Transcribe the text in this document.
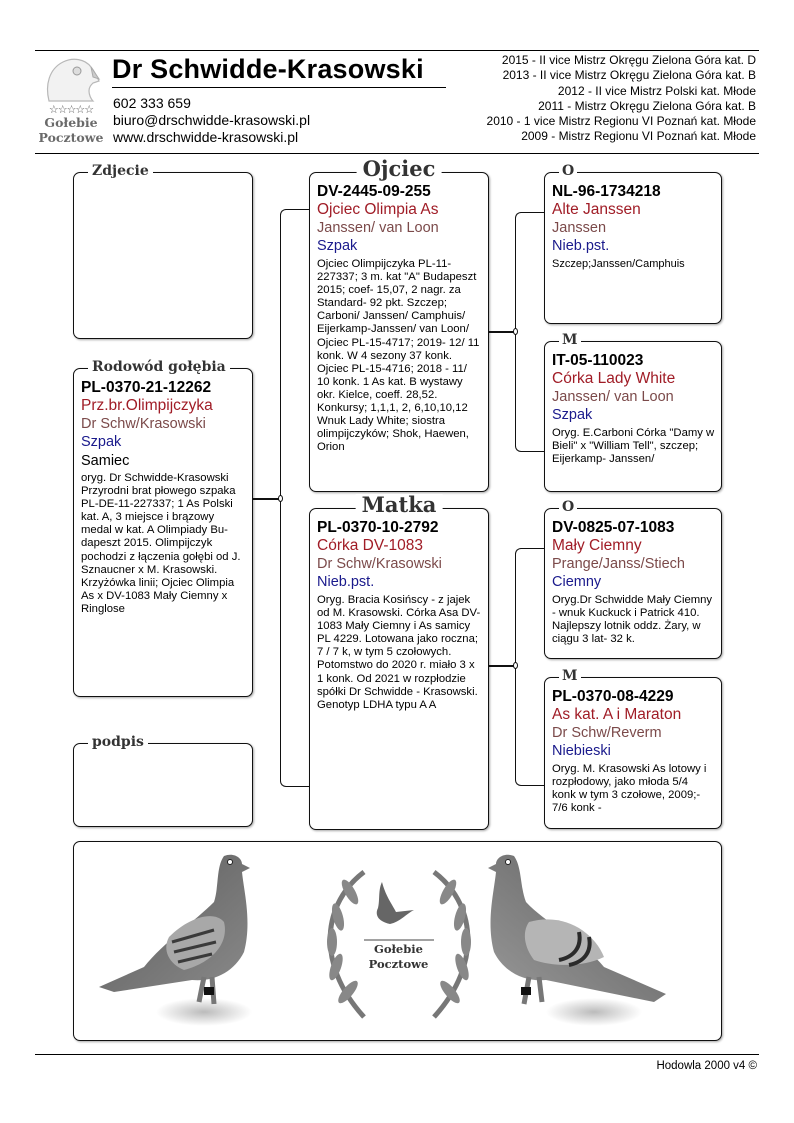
☆☆☆☆☆
Gołebie
Pocztowe
Dr Schwidde-Krasowski
602 333 659
biuro@drschwidde-krasowski.pl
www.drschwidde-krasowski.pl
2015 - II vice Mistrz Okręgu Zielona Góra kat. D
2013 - II vice Mistrz Okręgu Zielona Góra kat. B
2012 - II vice Mistrz Polski kat. Młode
2011 - Mistrz Okręgu Zielona Góra kat. B
2010 - 1 vice Mistrz Regionu VI Poznań kat. Młode
2009 - Mistrz Regionu VI Poznań kat. Młode
Zdjecie
Rodowód gołębia
PL-0370-21-12262
Prz.br.Olimpijczyka
Dr Schw/Krasowski
Szpak
Samiec
oryg. Dr Schwidde-Krasowski Przyrodni brat płowego szpaka PL-DE-11-227337; 1 As Polski kat. A, 3 miejsce i brązowy medal w kat. A Olimpiady Bu-dapeszt 2015. Olimpijczyk pochodzi z łączenia gołębi od J. Sznaucner x M. Krasowski. Krzyżówka linii; Ojciec Olimpia As x DV-1083 Mały Ciemny x Ringlose
podpis
Ojciec
DV-2445-09-255
Ojciec Olimpia As
Janssen/ van Loon
Szpak
Ojciec Olimpijczyka PL-11-227337; 3 m. kat "A" Budapeszt 2015; coef- 15,07, 2 nagr. za Standard- 92 pkt. Szczep; Carboni/ Janssen/ Camphuis/ Eijerkamp-Janssen/ van Loon/ Ojciec PL-15-4717; 2019- 12/ 11 konk. W 4 sezony 37 konk. Ojciec PL-15-4716; 2018 - 11/ 10 konk. 1 As kat. B wystawy okr. Kielce, coeff. 28,52. Konkursy; 1,1,1, 2, 6,10,10,12 Wnuk Lady White; siostra olimpijczyków; Shok, Haewen, Orion
Matka
PL-0370-10-2792
Córka DV-1083
Dr Schw/Krasowski
Nieb.pst.
Oryg. Bracia Kosińscy - z jajek od M. Krasowski. Córka Asa DV-1083 Mały Ciemny i As samicy PL 4229. Lotowana jako roczna; 7 / 7 k, w tym 5 czołowych. Potomstwo do 2020 r. miało 3 x 1 konk. Od 2021 w rozpłodzie spółki Dr Schwidde - Krasowski. Genotyp LDHA typu A A
O
NL-96-1734218
Alte Janssen
Janssen
Nieb.pst.
Szczep;Janssen/Camphuis
M
IT-05-110023
Córka Lady White
Janssen/ van Loon
Szpak
Oryg. E.Carboni Córka "Damy w Bieli" x "William Tell", szczep; Eijerkamp- Janssen/
O
DV-0825-07-1083
Mały Ciemny
Prange/Janss/Stiech
Ciemny
Oryg.Dr Schwidde Mały Ciemny - wnuk Kuckuck i Patrick 410. Najlepszy lotnik oddz. Żary, w ciągu 3 lat- 32 k.
M
PL-0370-08-4229
As kat. A i Maraton
Dr Schw/Reverm
Niebieski
Oryg. M. Krasowski As lotowy i rozpłodowy, jako młoda 5/4 konk w tym 3 czołowe, 2009;- 7/6 konk -
Gołebie
Pocztowe
Hodowla 2000 v4 ©
